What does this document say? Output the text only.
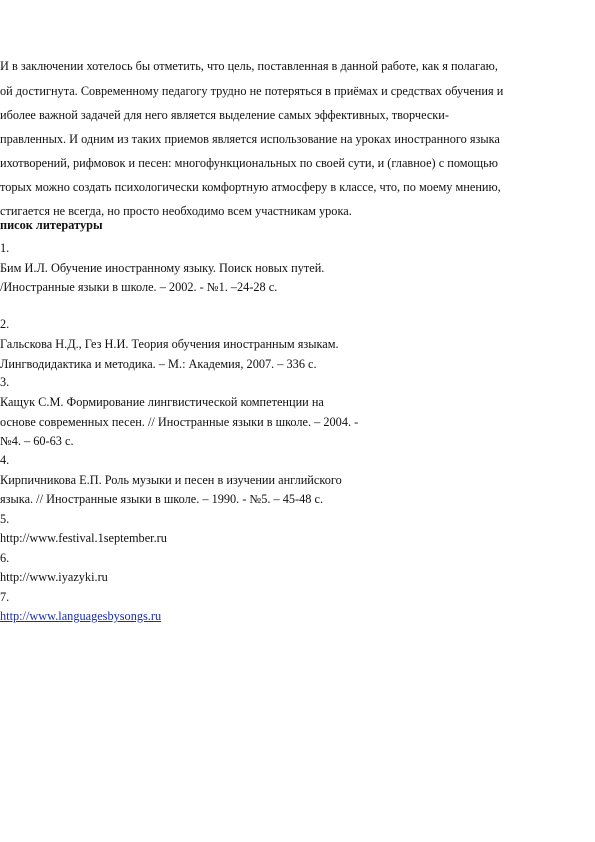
И в заключении хотелось бы отметить, что цель, поставленная в данной работе, как я полагаю,
ой достигнута. Современному педагогу трудно не потеряться в приёмах и средствах обучения и
иболее важной задачей для него является выделение самых эффективных, творчески-
правленных. И одним из таких приемов является использование на уроках иностранного языка
ихотворений, рифмовок и песен: многофункциональных по своей сути, и (главное) с помощью
торых можно создать психологически комфортную атмосферу в классе, что, по моему мнению,
стигается не всегда, но просто необходимо всем участникам урока.
писок литературы
1.
Бим И.Л. Обучение иностранному языку. Поиск новых путей.
/Иностранные языки в школе. – 2002. - №1. –24-28 с.
2.
Гальскова Н.Д., Гез Н.И. Теория обучения иностранным языкам.
Лингводидактика и методика. – М.: Академия, 2007. – 336 с.
3.
Кащук С.М. Формирование лингвистической компетенции на
основе современных песен. // Иностранные языки в школе. – 2004. -
№4. – 60-63 с.
4.
Кирпичникова Е.П. Роль музыки и песен в изучении английского
языка. // Иностранные языки в школе. – 1990. - №5. – 45-48 с.
5.
http://www.festival.1september.ru
6.
http://www.iyazyki.ru
7.
http://www.languagesbysongs.ru
